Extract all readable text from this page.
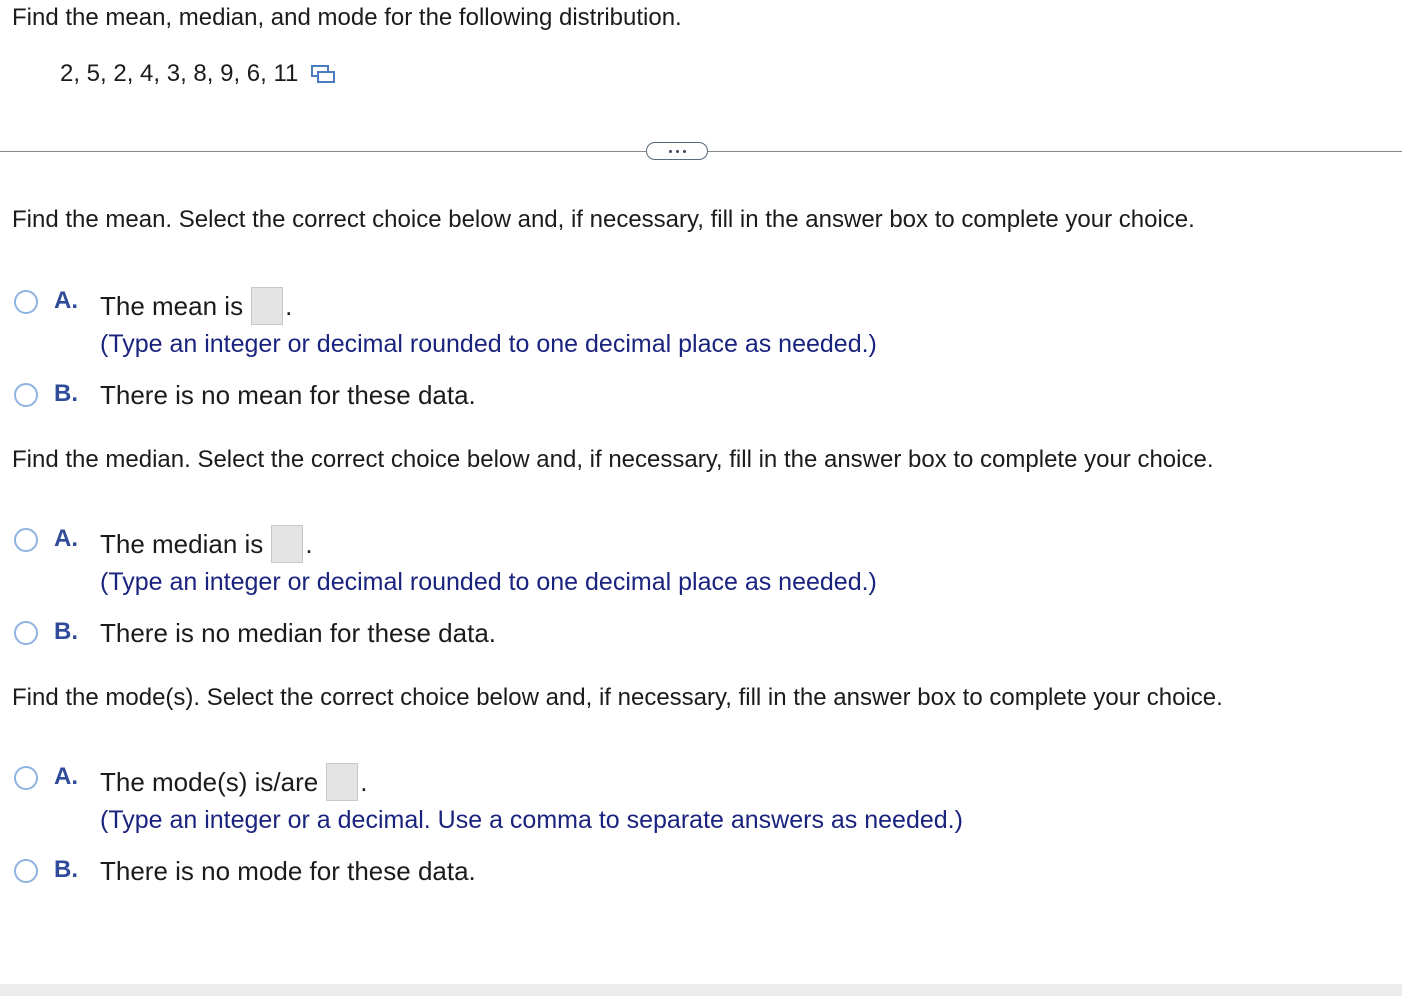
Find the mean, median, and mode for the following distribution.

2, 5, 2, 4, 3, 8, 9, 6, 11

Find the mean. Select the correct choice below and, if necessary, fill in the answer box to complete your choice.

A. The mean is .
(Type an integer or decimal rounded to one decimal place as needed.)
B. There is no mean for these data.

Find the median. Select the correct choice below and, if necessary, fill in the answer box to complete your choice.

A. The median is .
(Type an integer or decimal rounded to one decimal place as needed.)
B. There is no median for these data.

Find the mode(s). Select the correct choice below and, if necessary, fill in the answer box to complete your choice.

A. The mode(s) is/are .
(Type an integer or a decimal. Use a comma to separate answers as needed.)
B. There is no mode for these data.
